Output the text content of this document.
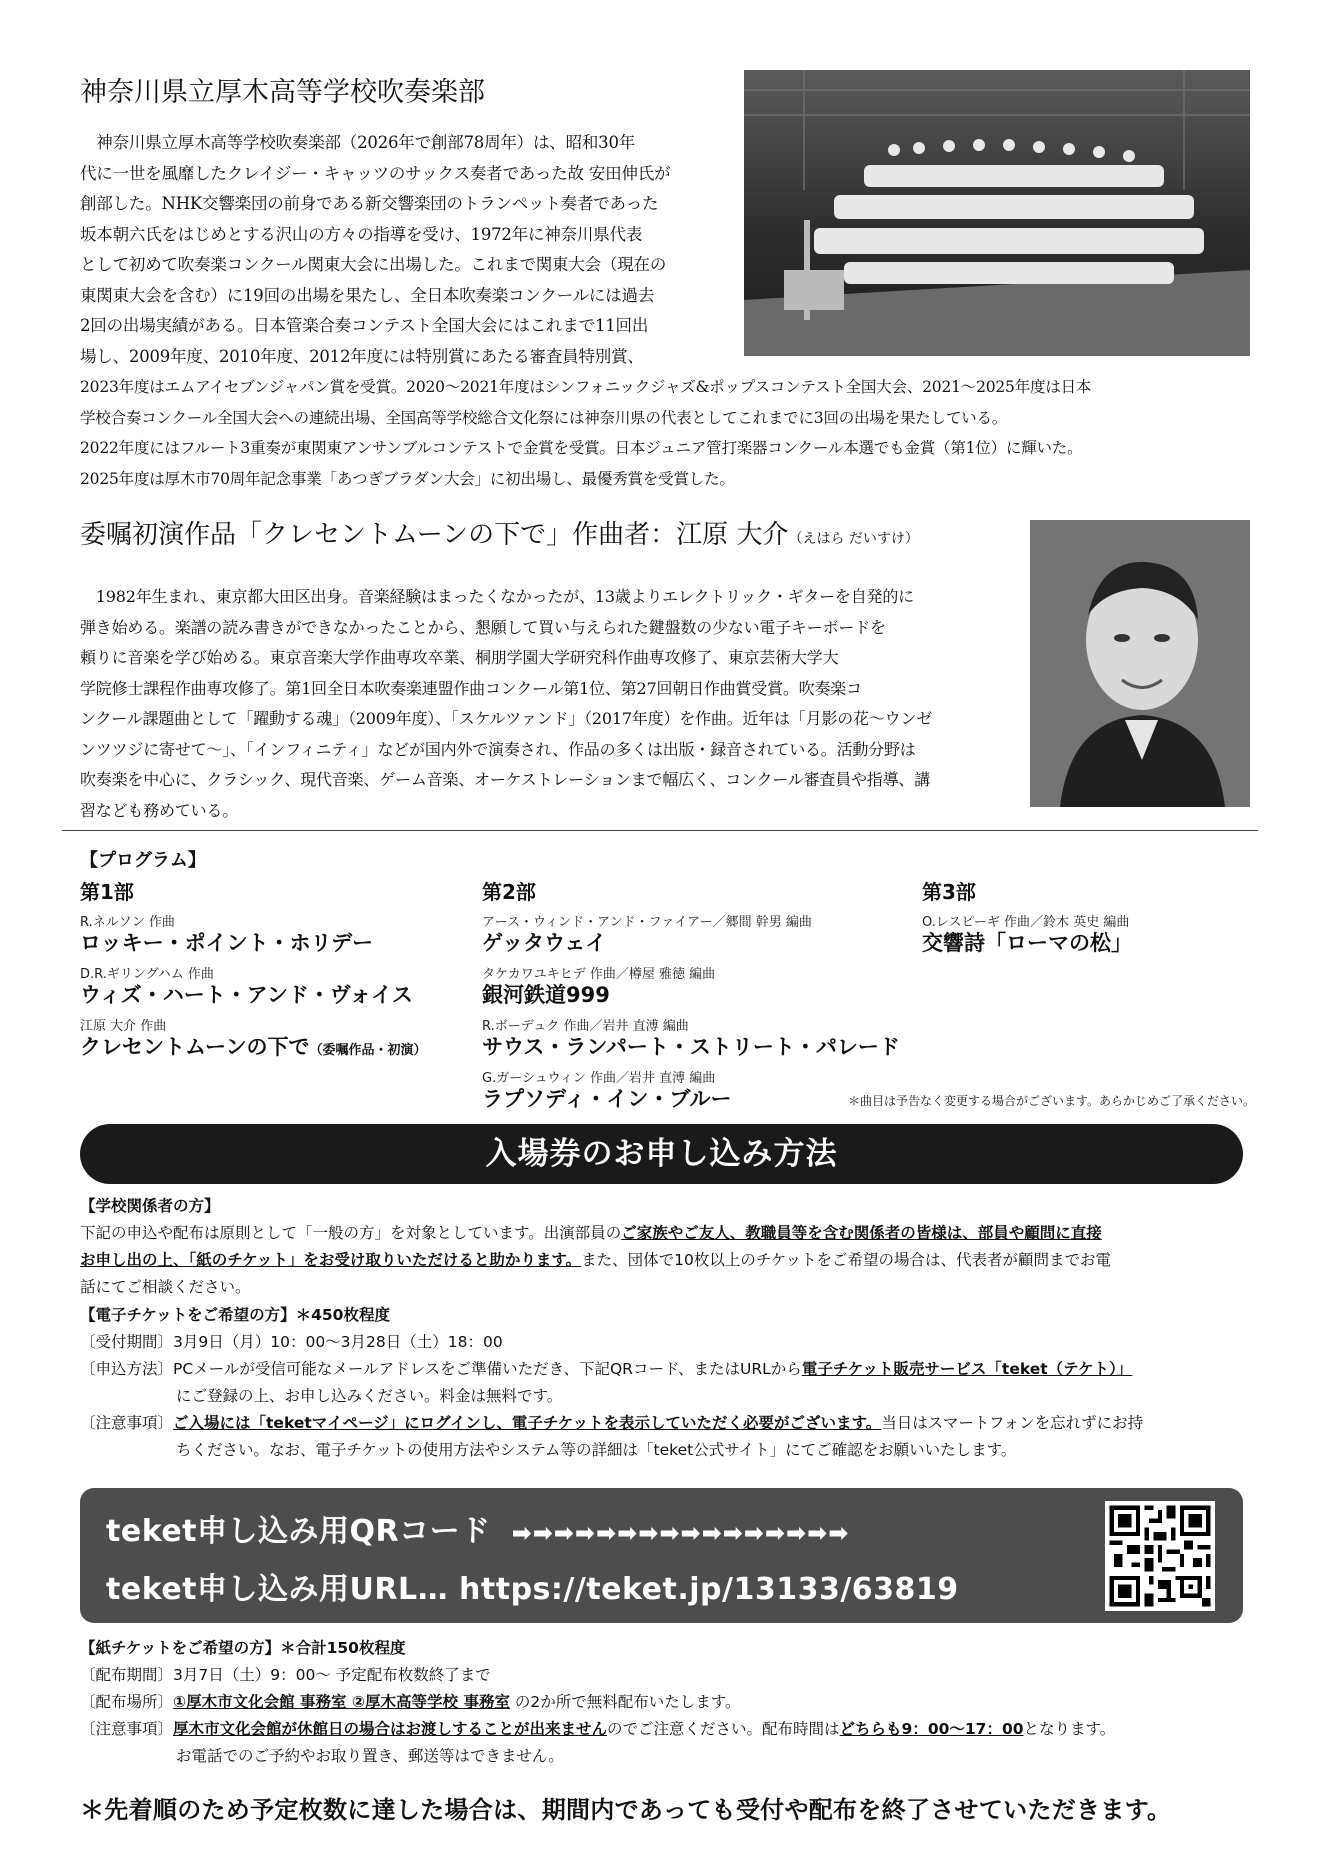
神奈川県立厚木高等学校吹奏楽部

　神奈川県立厚木高等学校吹奏楽部（2026年で創部78周年）は、昭和30年

代に一世を風靡したクレイジー・キャッツのサックス奏者であった故 安田伸氏が

創部した。NHK交響楽団の前身である新交響楽団のトランペット奏者であった

坂本朝六氏をはじめとする沢山の方々の指導を受け、1972年に神奈川県代表

として初めて吹奏楽コンクール関東大会に出場した。これまで関東大会（現在の

東関東大会を含む）に19回の出場を果たし、全日本吹奏楽コンクールには過去

2回の出場実績がある。日本管楽合奏コンテスト全国大会にはこれまで11回出

場し、2009年度、2010年度、2012年度には特別賞にあたる審査員特別賞、

2023年度はエムアイセブンジャパン賞を受賞。2020〜2021年度はシンフォニックジャズ&ポップスコンテスト全国大会、2021〜2025年度は日本

学校合奏コンクール全国大会への連続出場、全国高等学校総合文化祭には神奈川県の代表としてこれまでに3回の出場を果たしている。

2022年度にはフルート3重奏が東関東アンサンブルコンテストで金賞を受賞。日本ジュニア管打楽器コンクール本選でも金賞（第1位）に輝いた。

2025年度は厚木市70周年記念事業「あつぎブラダン大会」に初出場し、最優秀賞を受賞した。

委嘱初演作品「クレセントムーンの下で」作曲者：江原 大介（えはら だいすけ）

　1982年生まれ、東京都大田区出身。音楽経験はまったくなかったが、13歳よりエレクトリック・ギターを自発的に

弾き始める。楽譜の読み書きができなかったことから、懇願して買い与えられた鍵盤数の少ない電子キーボードを

頼りに音楽を学び始める。東京音楽大学作曲専攻卒業、桐朋学園大学研究科作曲専攻修了、東京芸術大学大

学院修士課程作曲専攻修了。第1回全日本吹奏楽連盟作曲コンクール第1位、第27回朝日作曲賞受賞。吹奏楽コ

ンクール課題曲として「躍動する魂」（2009年度）、「スケルツァンド」（2017年度）を作曲。近年は「月影の花〜ウンゼ

ンツツジに寄せて〜」、「インフィニティ」などが国内外で演奏され、作品の多くは出版・録音されている。活動分野は

吹奏楽を中心に、クラシック、現代音楽、ゲーム音楽、オーケストレーションまで幅広く、コンクール審査員や指導、講

習なども務めている。

【プログラム】
第1部
R.ネルソン 作曲
ロッキー・ポイント・ホリデー
D.R.ギリングハム 作曲
ウィズ・ハート・アンド・ヴォイス
江原 大介 作曲
クレセントムーンの下で（委嘱作品・初演）
第2部
アース・ウィンド・アンド・ファイアー／郷間 幹男 編曲
ゲッタウェイ
タケカワユキヒデ 作曲／樽屋 雅徳 編曲
銀河鉄道999
R.ボーデュク 作曲／岩井 直溥 編曲
サウス・ランパート・ストリート・パレード
G.ガーシュウィン 作曲／岩井 直溥 編曲
ラプソディ・イン・ブルー
第3部
O.レスピーギ 作曲／鈴木 英史 編曲
交響詩「ローマの松」
＊曲目は予告なく変更する場合がございます。あらかじめご了承ください。
入場券のお申し込み方法
【学校関係者の方】
下記の申込や配布は原則として「一般の方」を対象としています。出演部員のご家族やご友人、教職員等を含む関係者の皆様は、部員や顧問に直接
お申し出の上、「紙のチケット」をお受け取りいただけると助かります。また、団体で10枚以上のチケットをご希望の場合は、代表者が顧問までお電
話にてご相談ください。
【電子チケットをご希望の方】＊450枚程度
〔受付期間〕3月9日（月）10：00〜3月28日（土）18：00
〔申込方法〕PCメールが受信可能なメールアドレスをご準備いただき、下記QRコード、またはURLから電子チケット販売サービス「teket（テケト）」
にご登録の上、お申し込みください。料金は無料です。
〔注意事項〕ご入場には「teketマイページ」にログインし、電子チケットを表示していただく必要がございます。当日はスマートフォンを忘れずにお持
ちください。なお、電子チケットの使用方法やシステム等の詳細は「teket公式サイト」にてご確認をお願いいたします。
teket申し込み用QRコード ➡➡➡➡➡➡➡➡➡➡➡➡➡➡➡➡
teket申し込み用URL… https://teket.jp/13133/63819
【紙チケットをご希望の方】＊合計150枚程度
〔配布期間〕3月7日（土）9：00〜 予定配布枚数終了まで
〔配布場所〕①厚木市文化会館 事務室 ②厚木高等学校 事務室 の2か所で無料配布いたします。
〔注意事項〕厚木市文化会館が休館日の場合はお渡しすることが出来ませんのでご注意ください。配布時間はどちらも9：00〜17：00となります。
お電話でのご予約やお取り置き、郵送等はできません。
＊先着順のため予定枚数に達した場合は、期間内であっても受付や配布を終了させていただきます。
